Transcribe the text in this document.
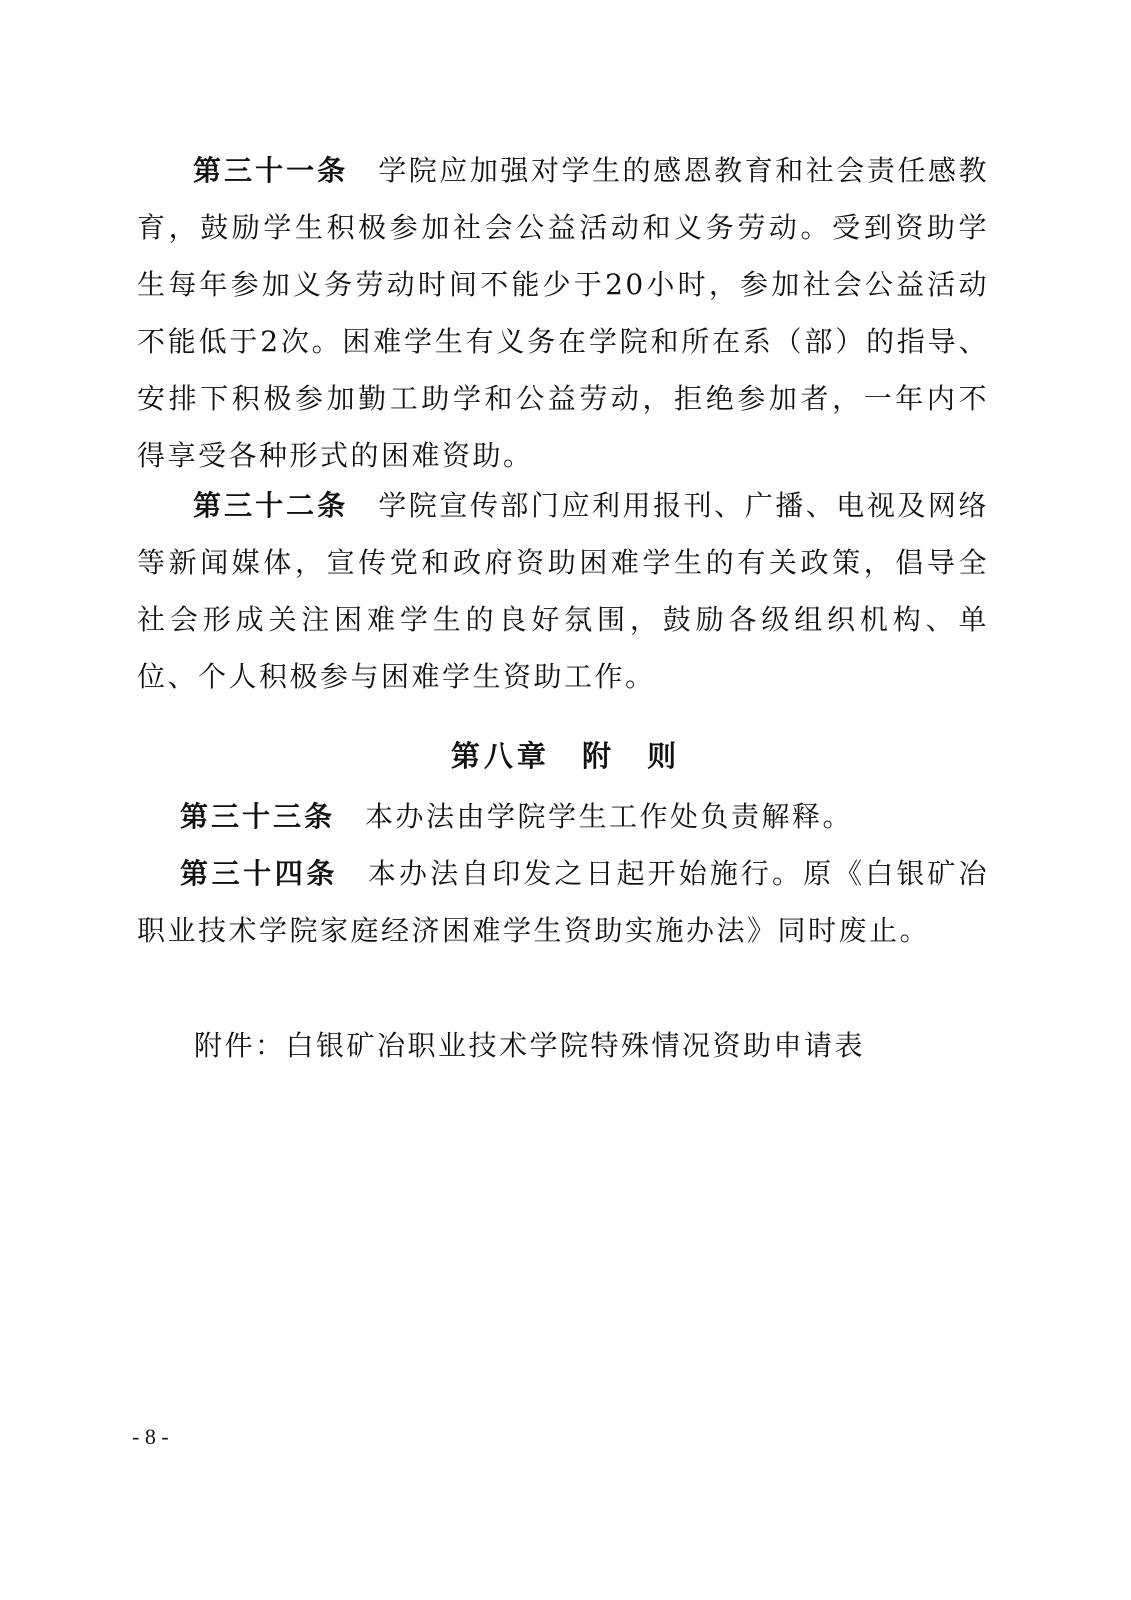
第三十一条 学院应加强对学生的感恩教育和社会责任感教育，鼓励学生积极参加社会公益活动和义务劳动。受到资助学生每年参加义务劳动时间不能少于20小时，参加社会公益活动不能低于2次。困难学生有义务在学院和所在系（部）的指导、安排下积极参加勤工助学和公益劳动，拒绝参加者，一年内不得享受各种形式的困难资助。

第三十二条 学院宣传部门应利用报刊、广播、电视及网络等新闻媒体，宣传党和政府资助困难学生的有关政策，倡导全社会形成关注困难学生的良好氛围，鼓励各级组织机构、单位、个人积极参与困难学生资助工作。

第八章 附 则

第三十三条 本办法由学院学生工作处负责解释。

第三十四条 本办法自印发之日起开始施行。原《白银矿冶职业技术学院家庭经济困难学生资助实施办法》同时废止。

附件：白银矿冶职业技术学院特殊情况资助申请表

- 8 -
